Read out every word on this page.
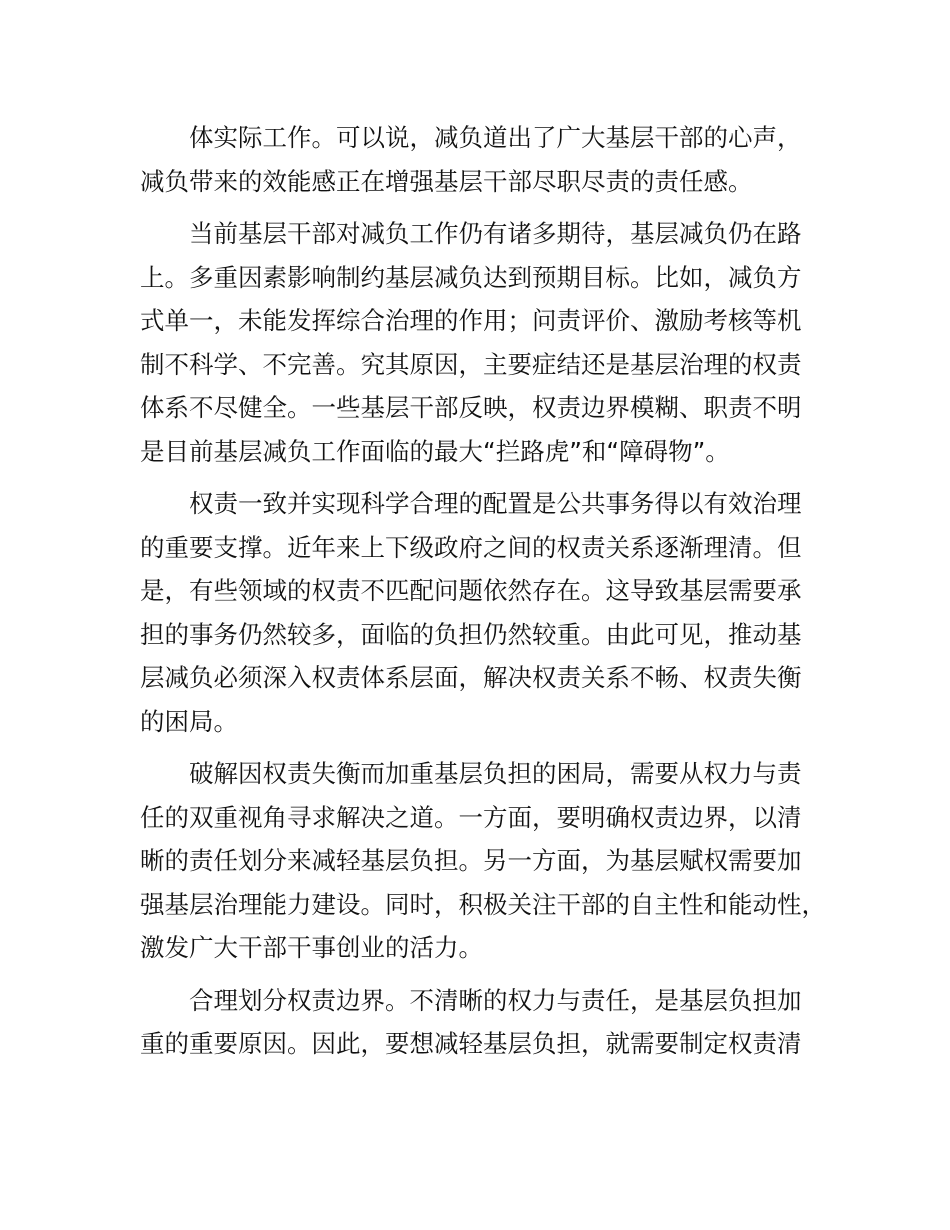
体实际工作。可以说，减负道出了广大基层干部的心声，
减负带来的效能感正在增强基层干部尽职尽责的责任感。
当前基层干部对减负工作仍有诸多期待，基层减负仍在路
上。多重因素影响制约基层减负达到预期目标。比如，减负方
式单一，未能发挥综合治理的作用；问责评价、激励考核等机
制不科学、不完善。究其原因，主要症结还是基层治理的权责
体系不尽健全。一些基层干部反映，权责边界模糊、职责不明
是目前基层减负工作面临的最大“拦路虎”和“障碍物”。
权责一致并实现科学合理的配置是公共事务得以有效治理
的重要支撑。近年来上下级政府之间的权责关系逐渐理清。但
是，有些领域的权责不匹配问题依然存在。这导致基层需要承
担的事务仍然较多，面临的负担仍然较重。由此可见，推动基
层减负必须深入权责体系层面，解决权责关系不畅、权责失衡
的困局。
破解因权责失衡而加重基层负担的困局，需要从权力与责
任的双重视角寻求解决之道。一方面，要明确权责边界，以清
晰的责任划分来减轻基层负担。另一方面，为基层赋权需要加
强基层治理能力建设。同时，积极关注干部的自主性和能动性，
激发广大干部干事创业的活力。
合理划分权责边界。不清晰的权力与责任，是基层负担加
重的重要原因。因此，要想减轻基层负担，就需要制定权责清
